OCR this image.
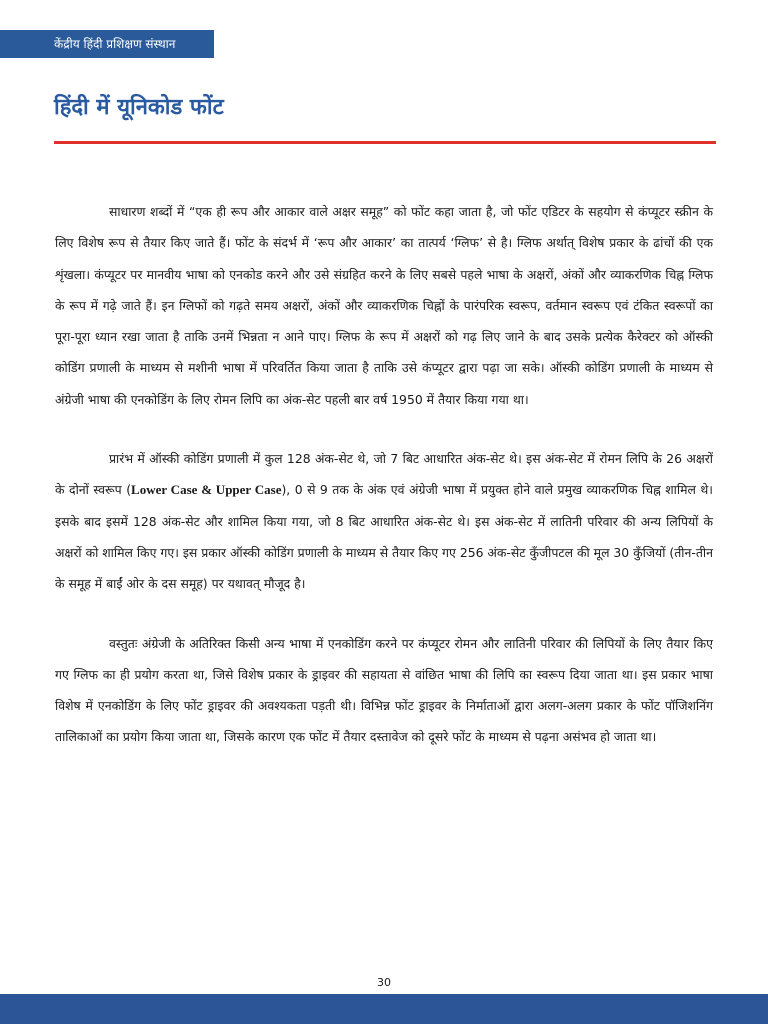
केंद्रीय हिंदी प्रशिक्षण संस्थान
हिंदी में यूनिकोड फोंट

साधारण शब्दों में “एक ही रूप और आकार वाले अक्षर समूह” को फोंट कहा जाता है, जो फोंट एडिटर के सहयोग से कंप्यूटर स्क्रीन के लिए विशेष रूप से तैयार किए जाते हैं। फोंट के संदर्भ में ‘रूप और आकार’ का तात्पर्य ‘ग्लिफ’ से है। ग्लिफ अर्थात् विशेष प्रकार के ढांचों की एक शृंखला। कंप्यूटर पर मानवीय भाषा को एनकोड करने और उसे संग्रहित करने के लिए सबसे पहले भाषा के अक्षरों, अंकों और व्याकरणिक चिह्न ग्लिफ के रूप में गढ़े जाते हैं। इन ग्लिफों को गढ़ते समय अक्षरों, अंकों और व्याकरणिक चिह्नों के पारंपरिक स्वरूप, वर्तमान स्वरूप एवं टंकित स्वरूपों का पूरा-पूरा ध्यान रखा जाता है ताकि उनमें भिन्नता न आने पाए। ग्लिफ के रूप में अक्षरों को गढ़ लिए जाने के बाद उसके प्रत्येक कैरेक्टर को ऑस्की कोडिंग प्रणाली के माध्यम से मशीनी भाषा में परिवर्तित किया जाता है ताकि उसे कंप्यूटर द्वारा पढ़ा जा सके। ऑस्की कोडिंग प्रणाली के माध्यम से अंग्रेजी भाषा की एनकोडिंग के लिए रोमन लिपि का अंक-सेट पहली बार वर्ष 1950 में तैयार किया गया था।

प्रारंभ में ऑस्की कोडिंग प्रणाली में कुल 128 अंक-सेट थे, जो 7 बिट आधारित अंक-सेट थे। इस अंक-सेट में रोमन लिपि के 26 अक्षरों के दोनों स्वरूप (Lower Case & Upper Case), 0 से 9 तक के अंक एवं अंग्रेजी भाषा में प्रयुक्त होने वाले प्रमुख व्याकरणिक चिह्न शामिल थे। इसके बाद इसमें 128 अंक-सेट और शामिल किया गया, जो 8 बिट आधारित अंक-सेट थे। इस अंक-सेट में लातिनी परिवार की अन्य लिपियों के अक्षरों को शामिल किए गए। इस प्रकार ऑस्की कोडिंग प्रणाली के माध्यम से तैयार किए गए 256 अंक-सेट कुँजीपटल की मूल 30 कुँजियों (तीन-तीन के समूह में बाईं ओर के दस समूह) पर यथावत् मौजूद है।

वस्तुतः अंग्रेजी के अतिरिक्त किसी अन्य भाषा में एनकोडिंग करने पर कंप्यूटर रोमन और लातिनी परिवार की लिपियों के लिए तैयार किए गए ग्लिफ का ही प्रयोग करता था, जिसे विशेष प्रकार के ड्राइवर की सहायता से वांछित भाषा की लिपि का स्वरूप दिया जाता था। इस प्रकार भाषा विशेष में एनकोडिंग के लिए फोंट ड्राइवर की अवश्यकता पड़ती थी। विभिन्न फोंट ड्राइवर के निर्माताओं द्वारा अलग-अलग प्रकार के फोंट पॉजिशनिंग तालिकाओं का प्रयोग किया जाता था, जिसके कारण एक फोंट में तैयार दस्तावेज को दूसरे फोंट के माध्यम से पढ़ना असंभव हो जाता था।

30
